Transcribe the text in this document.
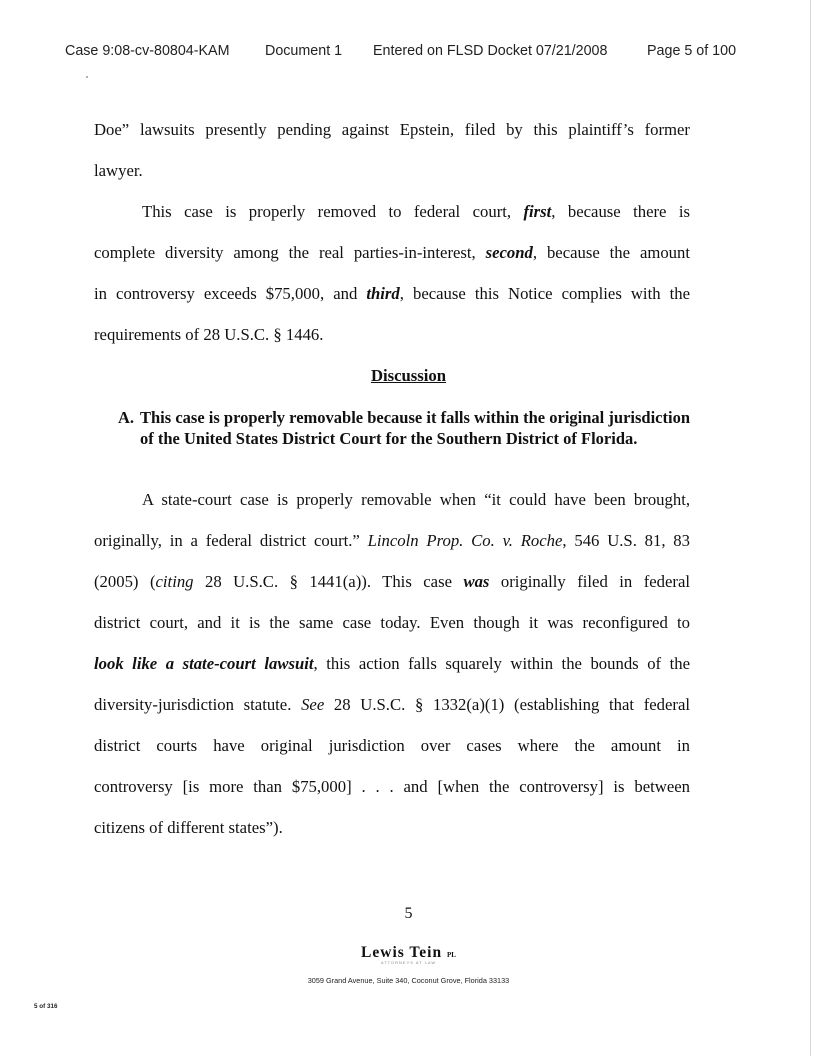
Case 9:08-cv-80804-KAM Document 1 Entered on FLSD Docket 07/21/2008	Page 5 of 100
Doe” lawsuits presently pending against Epstein, filed by this plaintiff’s former
lawyer.
This case is properly removed to federal court, first, because there is
complete diversity among the real parties-in-interest, second, because the amount
in controversy exceeds $75,000, and third, because this Notice complies with the
requirements of 28 U.S.C. § 1446.
Discussion
A. This case is properly removable because it falls within the original jurisdiction of the United States District Court for the Southern District of Florida.
A state-court case is properly removable when “it could have been brought,
originally, in a federal district court.” Lincoln Prop. Co. v. Roche, 546 U.S. 81, 83
(2005) (citing 28 U.S.C. § 1441(a)). This case was originally filed in federal
district court, and it is the same case today. Even though it was reconfigured to
look like a state-court lawsuit, this action falls squarely within the bounds of the
diversity-jurisdiction statute. See 28 U.S.C. § 1332(a)(1) (establishing that federal
district courts have original jurisdiction over cases where the amount in
controversy [is more than $75,000] . . . and [when the controversy] is between
citizens of different states”).
5
Lewis Tein PL
ATTORNEYS AT LAW
3059 Grand Avenue, Suite 340, Coconut Grove, Florida 33133
5 of 316
